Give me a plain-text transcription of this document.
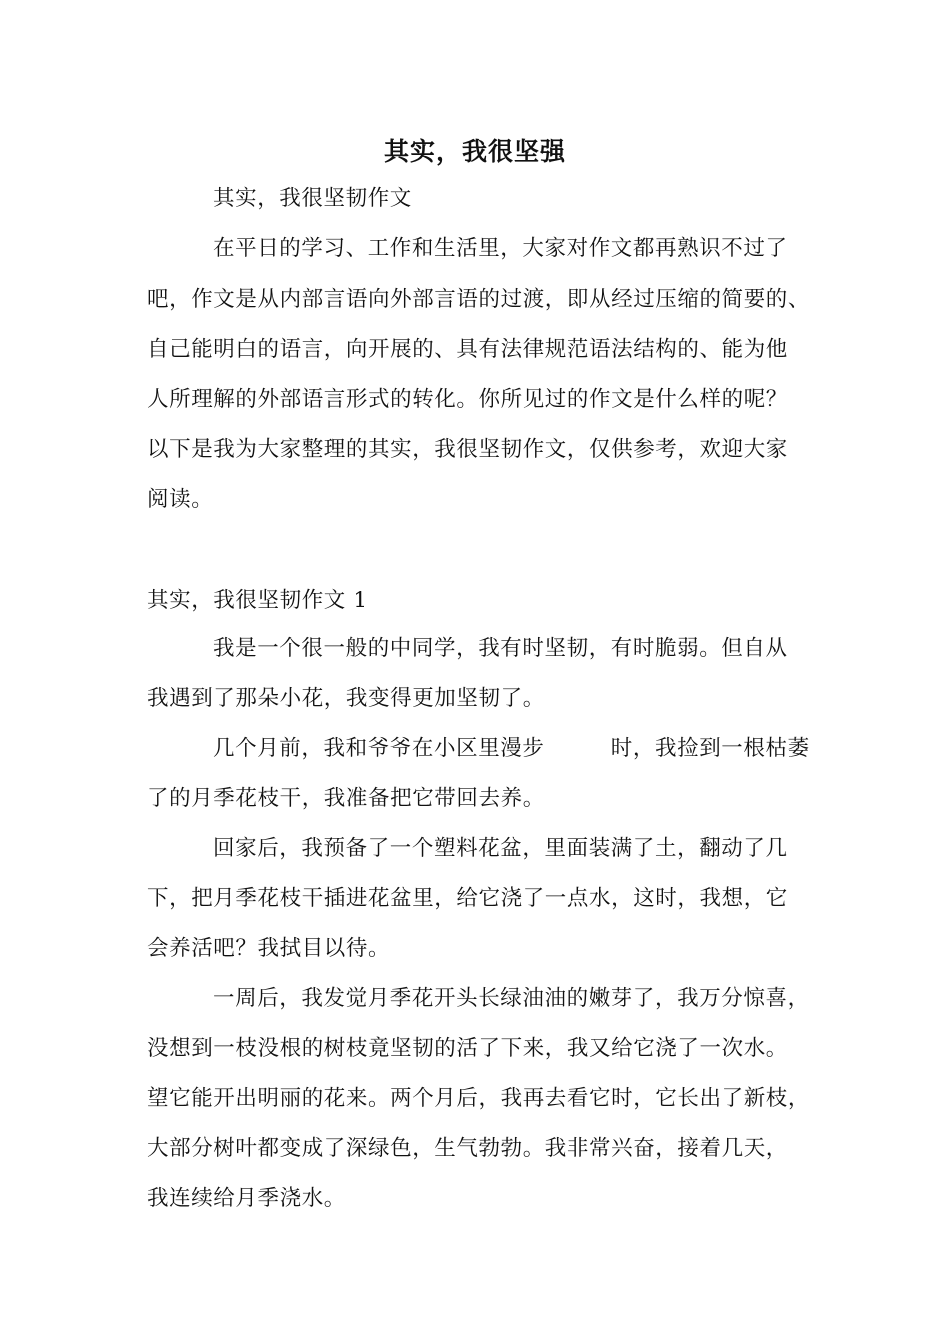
其实，我很坚强
其实，我很坚韧作文
在平日的学习、工作和生活里，大家对作文都再熟识不过了
吧，作文是从内部言语向外部言语的过渡，即从经过压缩的简要的、
自己能明白的语言，向开展的、具有法律规范语法结构的、能为他
人所理解的外部语言形式的转化。你所见过的作文是什么样的呢？
以下是我为大家整理的其实，我很坚韧作文，仅供参考，欢迎大家
阅读。
其实，我很坚韧作文 1
我是一个很一般的中同学，我有时坚韧，有时脆弱。但自从
我遇到了那朵小花，我变得更加坚韧了。
几个月前，我和爷爷在小区里漫步　　　时，我捡到一根枯萎
了的月季花枝干，我准备把它带回去养。
回家后，我预备了一个塑料花盆，里面装满了土，翻动了几
下，把月季花枝干插进花盆里，给它浇了一点水，这时，我想，它
会养活吧？我拭目以待。
一周后，我发觉月季花开头长绿油油的嫩芽了，我万分惊喜，
没想到一枝没根的树枝竟坚韧的活了下来，我又给它浇了一次水。
望它能开出明丽的花来。两个月后，我再去看它时，它长出了新枝，
大部分树叶都变成了深绿色，生气勃勃。我非常兴奋，接着几天，
我连续给月季浇水。
